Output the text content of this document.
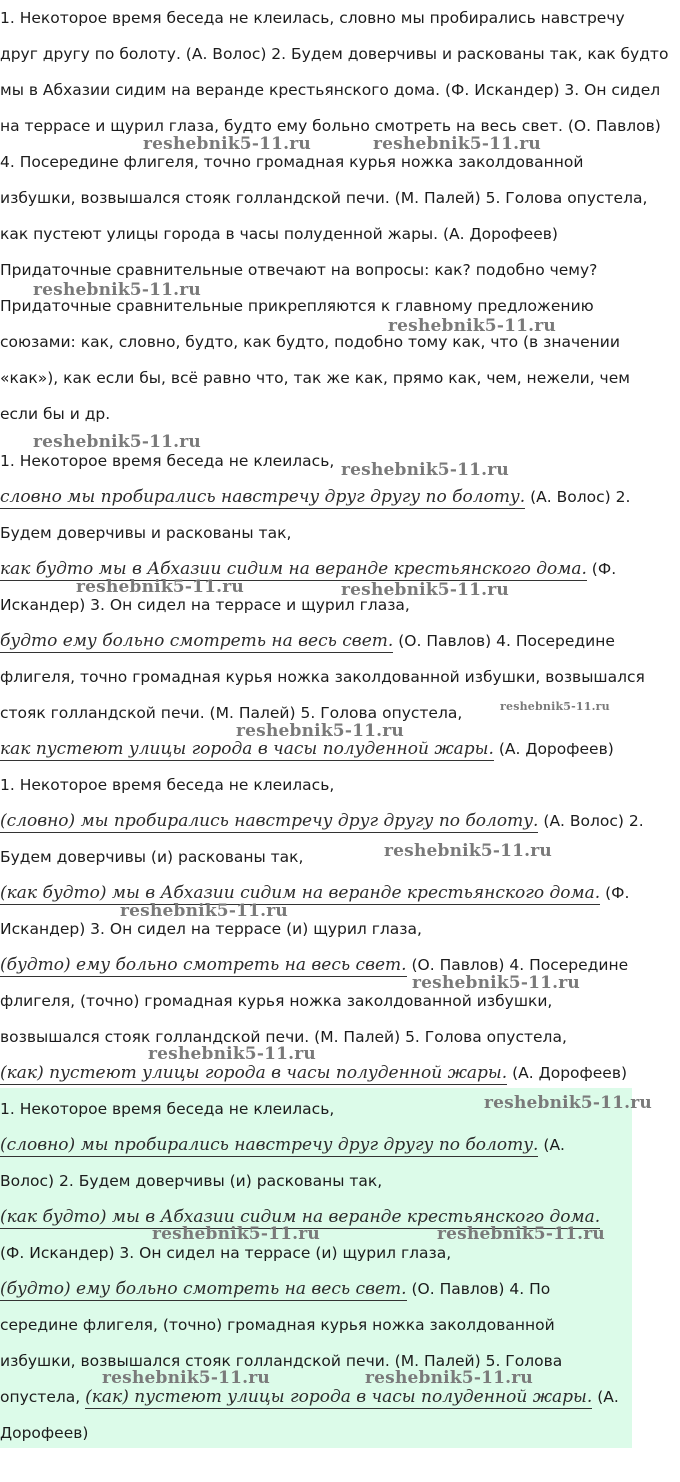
1. Некоторое время беседа не клеилась, словно мы пробирались навстречу
друг другу по болоту. (А. Волос) 2. Будем доверчивы и раскованы так, как будто
мы в Абхазии сидим на веранде крестьянского дома. (Ф. Искандер) 3. Он сидел
на террасе и щурил глаза, будто ему больно смотреть на весь свет. (О. Павлов)
4. Посередине флигеля, точно громадная курья ножка заколдованной
избушки, возвышался стояк голландской печи. (М. Палей) 5. Голова опустела,
как пустеют улицы города в часы полуденной жары. (А. Дорофеев)
Придаточные сравнительные отвечают на вопросы: как? подобно чему?
Придаточные сравнительные прикрепляются к главному предложению
союзами: как, словно, будто, как будто, подобно тому как, что (в значении
«как»), как если бы, всё равно что, так же как, прямо как, чем, нежели, чем
если бы и др.
1. Некоторое время беседа не клеилась,
словно мы пробирались навстречу друг другу по болоту. (А. Волос) 2.
Будем доверчивы и раскованы так,
как будто мы в Абхазии сидим на веранде крестьянского дома. (Ф.
Искандер) 3. Он сидел на террасе и щурил глаза,
будто ему больно смотреть на весь свет. (О. Павлов) 4. Посередине
флигеля, точно громадная курья ножка заколдованной избушки, возвышался
стояк голландской печи. (М. Палей) 5. Голова опустела,
как пустеют улицы города в часы полуденной жары. (А. Дорофеев)
1. Некоторое время беседа не клеилась,
(словно) мы пробирались навстречу друг другу по болоту. (А. Волос) 2.
Будем доверчивы (и) раскованы так,
(как будто) мы в Абхазии сидим на веранде крестьянского дома. (Ф.
Искандер) 3. Он сидел на террасе (и) щурил глаза,
(будто) ему больно смотреть на весь свет. (О. Павлов) 4. Посередине
флигеля, (точно) громадная курья ножка заколдованной избушки,
возвышался стояк голландской печи. (М. Палей) 5. Голова опустела,
(как) пустеют улицы города в часы полуденной жары. (А. Дорофеев)
1. Некоторое время беседа не клеилась,
(словно) мы пробирались навстречу друг другу по болоту. (А.
Волос) 2. Будем доверчивы (и) раскованы так,
(как будто) мы в Абхазии сидим на веранде крестьянского дома.
(Ф. Искандер) 3. Он сидел на террасе (и) щурил глаза,
(будто) ему больно смотреть на весь свет. (О. Павлов) 4. По
середине флигеля, (точно) громадная курья ножка заколдованной
избушки, возвышался стояк голландской печи. (М. Палей) 5. Голова
опустела, (как) пустеют улицы города в часы полуденной жары. (А.
Дорофеев)
reshebnik5-11.ru	reshebnik5-11.ru
reshebnik5-11.ru
reshebnik5-11.ru
reshebnik5-11.ru
reshebnik5-11.ru
reshebnik5-11.ru	reshebnik5-11.ru
reshebnik5-11.ru
reshebnik5-11.ru
reshebnik5-11.ru
reshebnik5-11.ru
reshebnik5-11.ru
reshebnik5-11.ru
reshebnik5-11.ru
reshebnik5-11.ru	reshebnik5-11.ru
reshebnik5-11.ru	reshebnik5-11.ru
